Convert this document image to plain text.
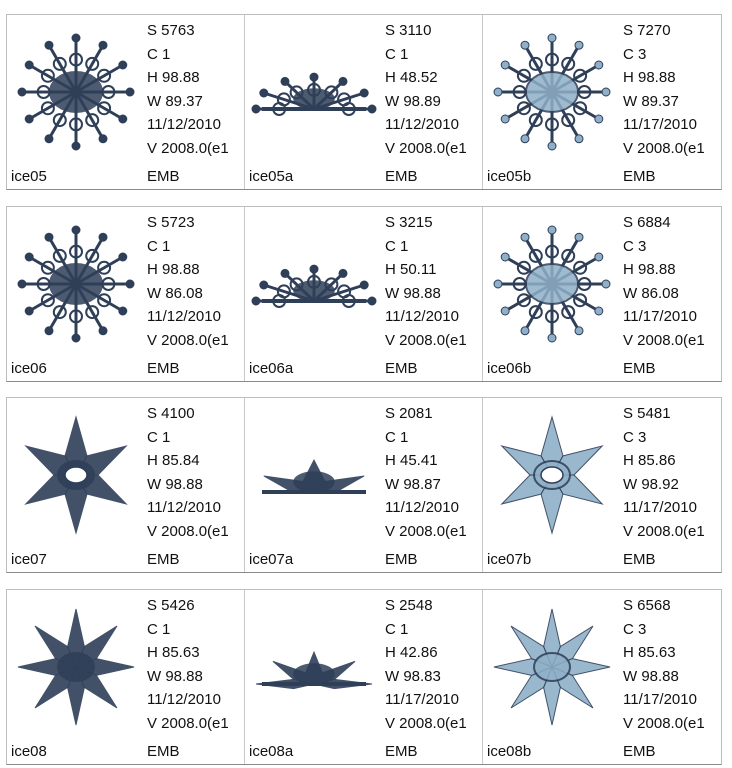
S 5763
C 1
H 98.88
W 89.37
11/12/2010
V 2008.0(e1
ice05	EMB
S 3110
C 1
H 48.52
W 98.89
11/12/2010
V 2008.0(e1
ice05a	EMB
S 7270
C 3
H 98.88
W 89.37
11/17/2010
V 2008.0(e1
ice05b	EMB
S 5723
C 1
H 98.88
W 86.08
11/12/2010
V 2008.0(e1
ice06	EMB
S 3215
C 1
H 50.11
W 98.88
11/12/2010
V 2008.0(e1
ice06a	EMB
S 6884
C 3
H 98.88
W 86.08
11/17/2010
V 2008.0(e1
ice06b	EMB
S 4100
C 1
H 85.84
W 98.88
11/12/2010
V 2008.0(e1
ice07	EMB
S 2081
C 1
H 45.41
W 98.87
11/12/2010
V 2008.0(e1
ice07a	EMB
S 5481
C 3
H 85.86
W 98.92
11/17/2010
V 2008.0(e1
ice07b	EMB
S 5426
C 1
H 85.63
W 98.88
11/12/2010
V 2008.0(e1
ice08	EMB
S 2548
C 1
H 42.86
W 98.83
11/17/2010
V 2008.0(e1
ice08a	EMB
S 6568
C 3
H 85.63
W 98.88
11/17/2010
V 2008.0(e1
ice08b	EMB
